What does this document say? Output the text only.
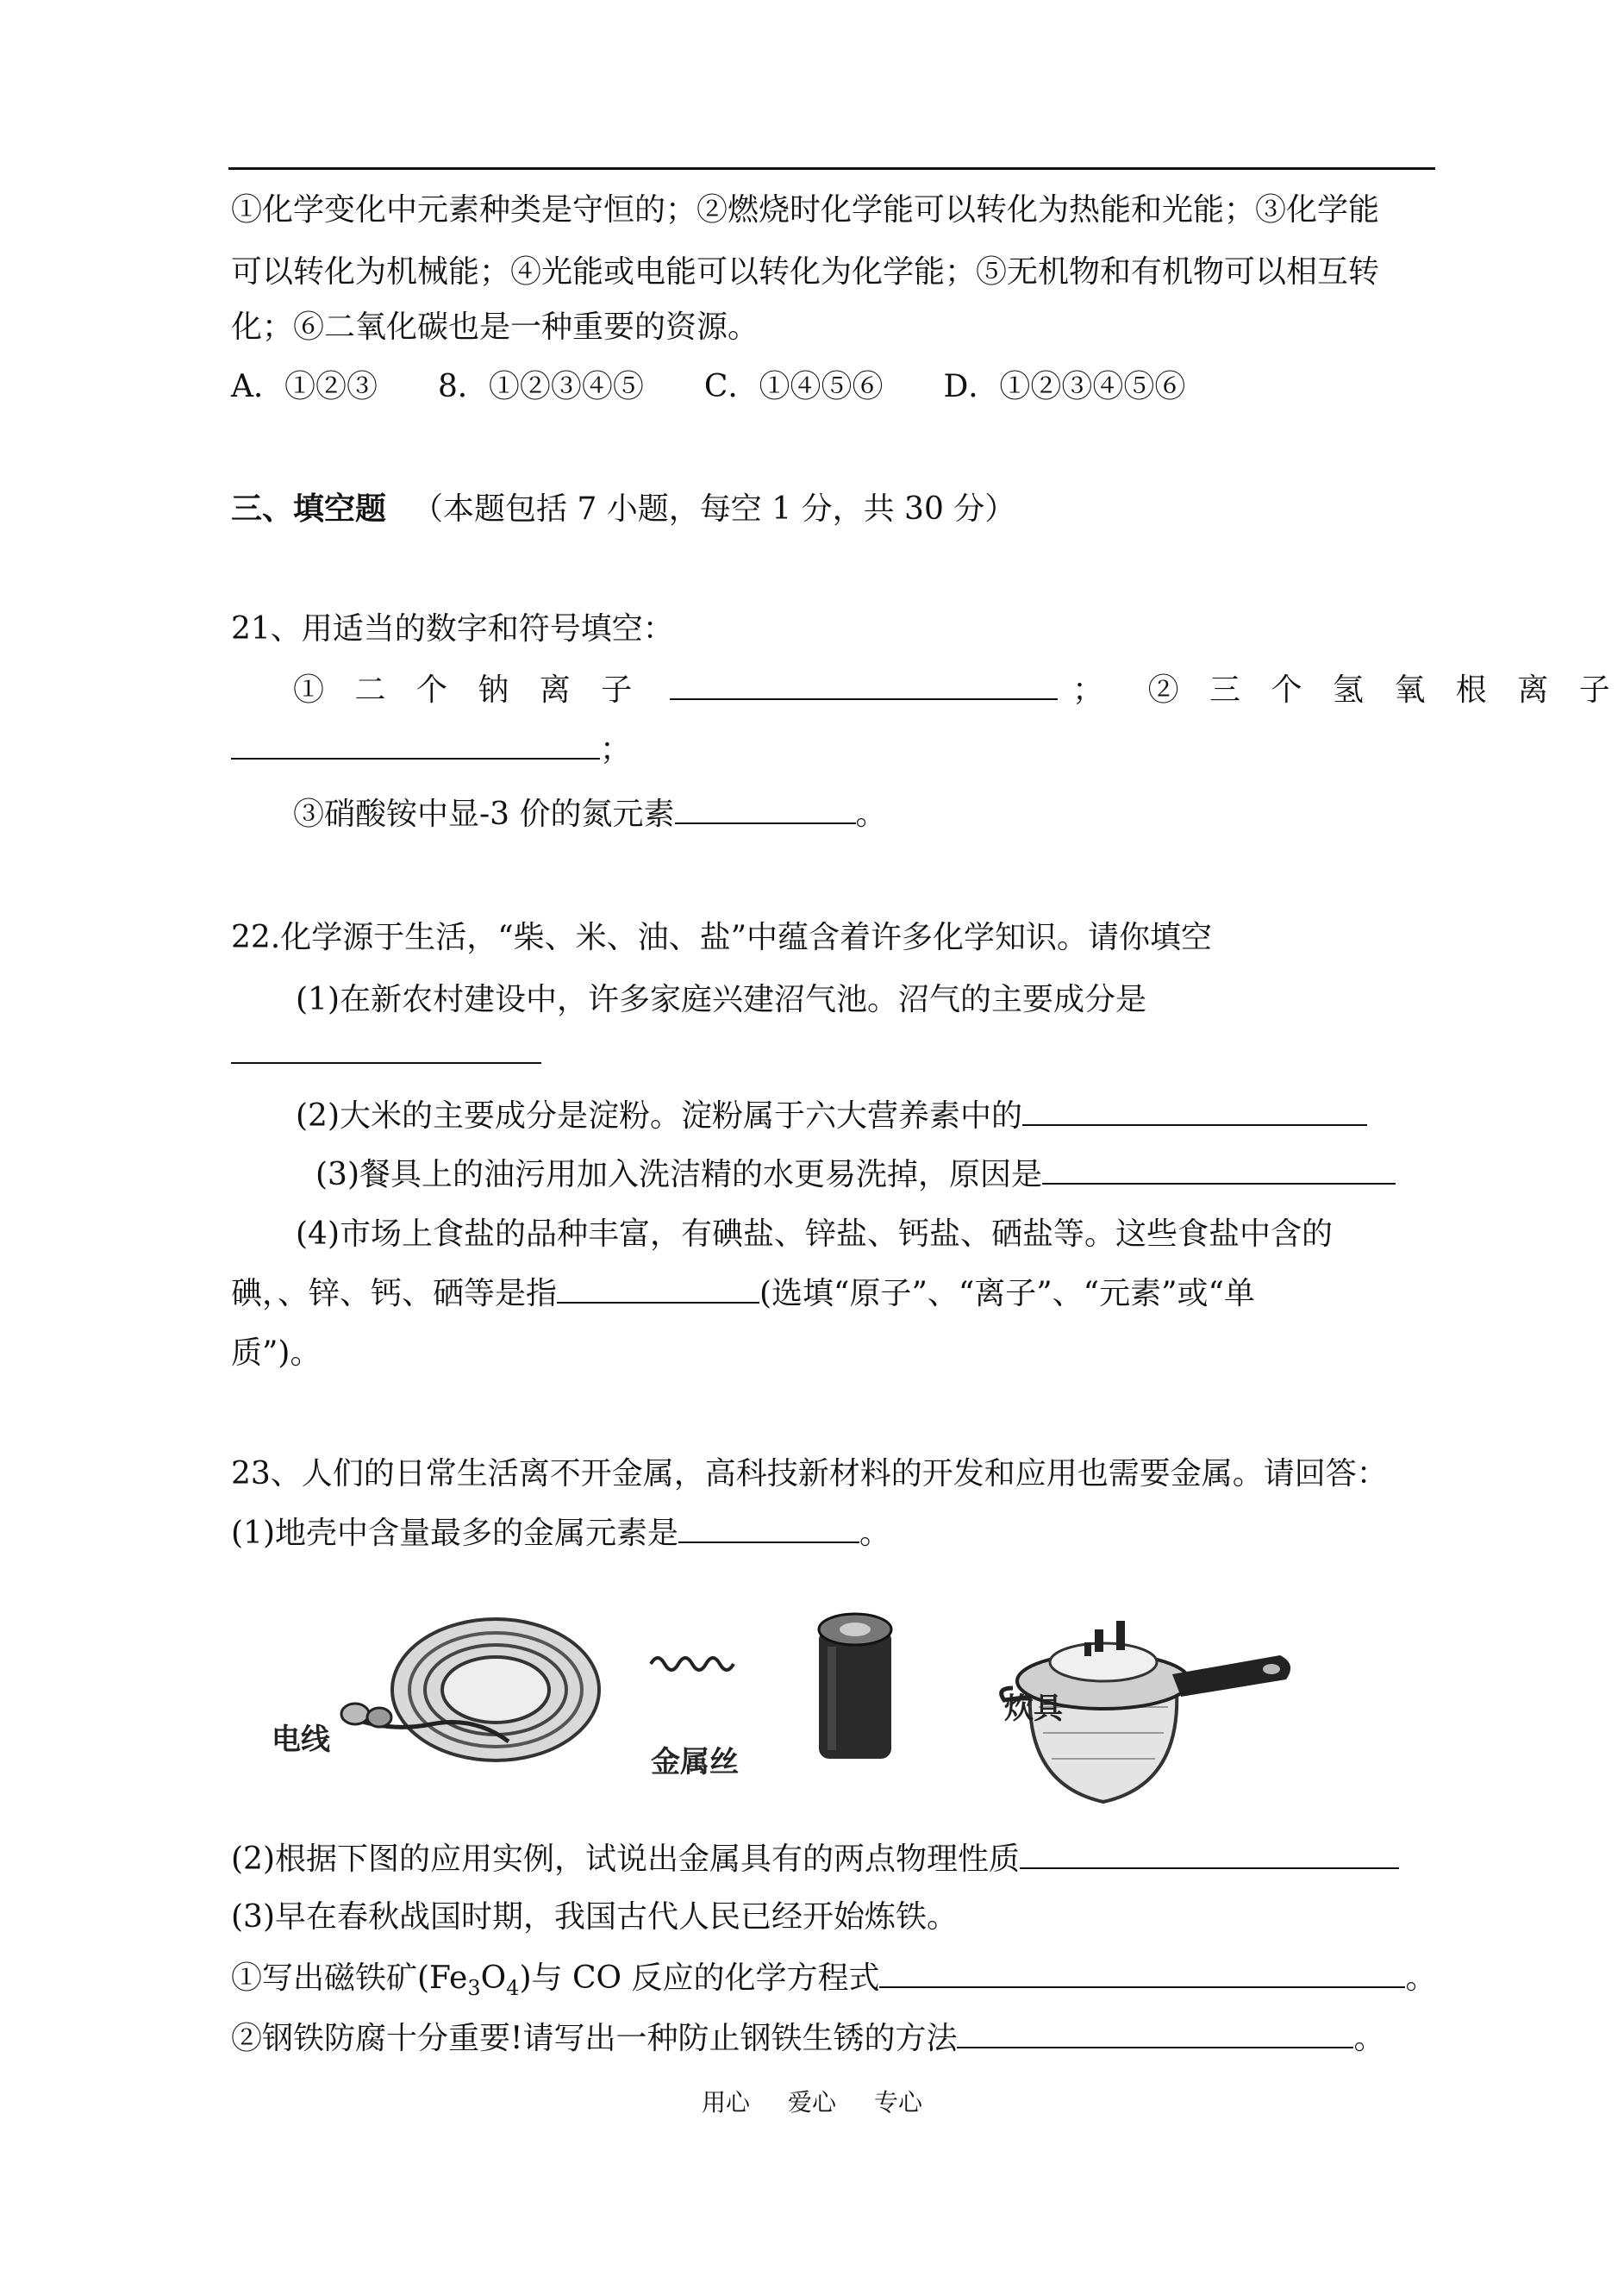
①化学变化中元素种类是守恒的；②燃烧时化学能可以转化为热能和光能；③化学能
可以转化为机械能；④光能或电能可以转化为化学能；⑤无机物和有机物可以相互转
化；⑥二氧化碳也是一种重要的资源。
A．①②③ 8．①②③④⑤ C．①④⑤⑥ D．①②③④⑤⑥
三、填空题 （本题包括 7 小题，每空 1 分，共 30 分）
21、用适当的数字和符号填空：
① 二 个 钠 离 子	； ② 三 个 氢 氧 根 离 子
；
③硝酸铵中显-3 价的氮元素	。
22.化学源于生活，“柴、米、油、盐”中蕴含着许多化学知识。请你填空
(1)在新农村建设中，许多家庭兴建沼气池。沼气的主要成分是
(2)大米的主要成分是淀粉。淀粉属于六大营养素中的
(3)餐具上的油污用加入洗洁精的水更易洗掉，原因是
(4)市场上食盐的品种丰富，有碘盐、锌盐、钙盐、硒盐等。这些食盐中含的
碘，、锌、钙、硒等是指	(选填“原子”、“离子”、“元素”或“单
质”)。
23、人们的日常生活离不开金属，高科技新材料的开发和应用也需要金属。请回答：
(1)地壳中含量最多的金属元素是	。
电线
金属丝
炊具
(2)根据下图的应用实例，试说出金属具有的两点物理性质
(3)早在春秋战国时期，我国古代人民已经开始炼铁。
①写出磁铁矿$(Fe_3O_4)$与 CO 反应的化学方程式	。
②钢铁防腐十分重要!请写出一种防止钢铁生锈的方法	。
用心 爱心 专心
